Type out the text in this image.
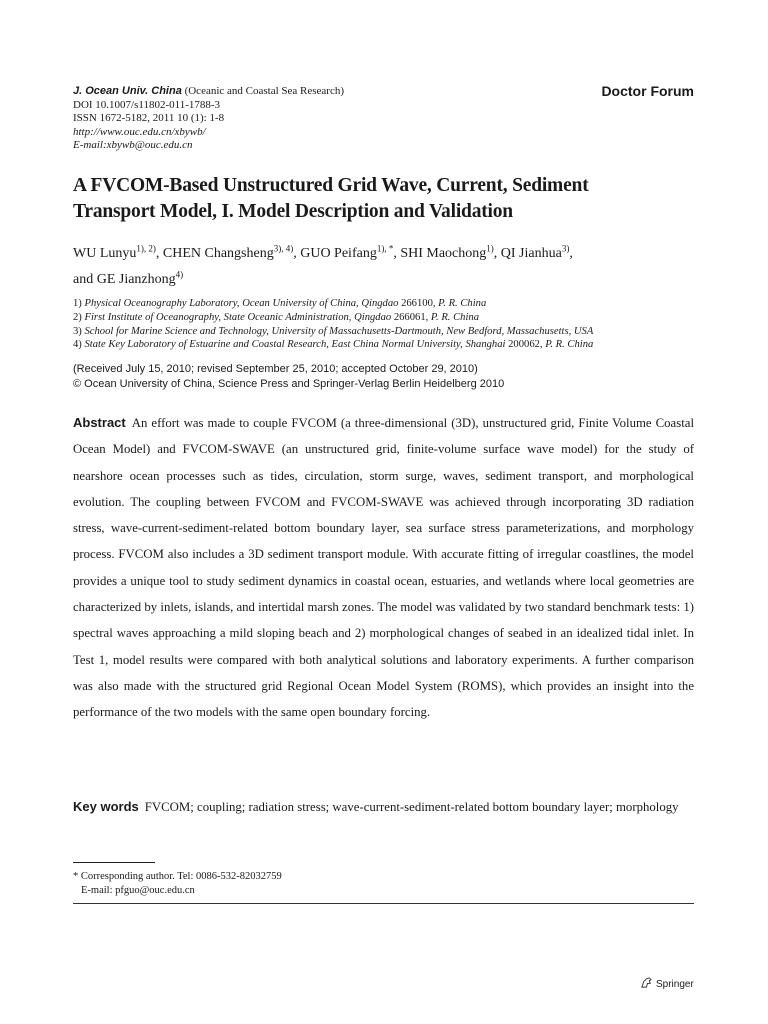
J. Ocean Univ. China (Oceanic and Coastal Sea Research)
DOI 10.1007/s11802-011-1788-3
ISSN 1672-5182, 2011 10 (1): 1-8
http://www.ouc.edu.cn/xbywb/
E-mail:xbywb@ouc.edu.cn
Doctor Forum
A FVCOM-Based Unstructured Grid Wave, Current, Sediment
Transport Model, I. Model Description and Validation
WU Lunyu$^{1), 2)}$, CHEN Changsheng$^{3), 4)}$, GUO Peifang$^{1), *}$, SHI Maochong$^{1)}$, QI Jianhua$^{3)}$,
and GE Jianzhong$^{4)}$
1) Physical Oceanography Laboratory, Ocean University of China, Qingdao 266100, P. R. China
2) First Institute of Oceanography, State Oceanic Administration, Qingdao 266061, P. R. China
3) School for Marine Science and Technology, University of Massachusetts-Dartmouth, New Bedford, Massachusetts, USA
4) State Key Laboratory of Estuarine and Coastal Research, East China Normal University, Shanghai 200062, P. R. China
(Received July 15, 2010; revised September 25, 2010; accepted October 29, 2010)
© Ocean University of China, Science Press and Springer-Verlag Berlin Heidelberg 2010
Abstract An effort was made to couple FVCOM (a three-dimensional (3D), unstructured grid, Finite Volume Coastal Ocean Model) and FVCOM-SWAVE (an unstructured grid, finite-volume surface wave model) for the study of nearshore ocean processes such as tides, circulation, storm surge, waves, sediment transport, and morphological evolution. The coupling between FVCOM and FVCOM-SWAVE was achieved through incorporating 3D radiation stress, wave-current-sediment-related bottom boundary layer, sea surface stress parameterizations, and morphology process. FVCOM also includes a 3D sediment transport module. With accurate fitting of irregular coastlines, the model provides a unique tool to study sediment dynamics in coastal ocean, estuaries, and wetlands where local geometries are characterized by inlets, islands, and intertidal marsh zones. The model was validated by two standard benchmark tests: 1) spectral waves approaching a mild sloping beach and 2) morphological changes of seabed in an idealized tidal inlet. In Test 1, model results were compared with both analytical solutions and laboratory experiments. A further comparison was also made with the structured grid Regional Ocean Model System (ROMS), which provides an insight into the performance of the two models with the same open boundary forcing.
Key words FVCOM; coupling; radiation stress; wave-current-sediment-related bottom boundary layer; morphology
* Corresponding author. Tel: 0086-532-82032759
E-mail: pfguo@ouc.edu.cn
Springer
